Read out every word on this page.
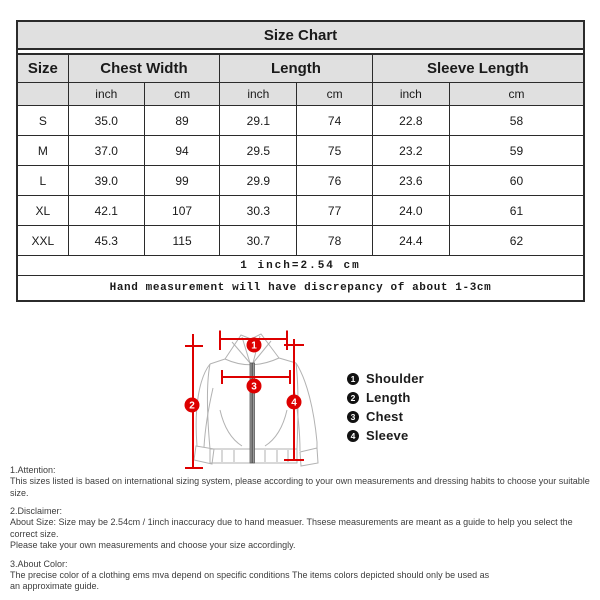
Size Chart						

Size	Chest Width		Length		Sleeve Length	
	inch	cm	inch	cm	inch	cm
S	35.0	89	29.1	74	22.8	58
M	37.0	94	29.5	75	23.2	59
L	39.0	99	29.9	76	23.6	60
XL	42.1	107	30.3	77	24.0	61
XXL	45.3	115	30.7	78	24.4	62
1 inch=2.54 cm						
Hand measurement will have discrepancy of about 1-3cm						
1
2
3
4
1 Shoulder
2 Length
3 Chest
4 Sleeve
1.Attention:
This sizes listed is based on international sizing system, please according to your own measurements and dressing habits to choose your suitable size.
2.Disclaimer:
About Size: Size may be 2.54cm / 1inch inaccuracy due to hand measuer. Thsese measurements are meant as a guide to help you select the correct size.
Please take your own measurements and choose your size accordingly.
3.About Color:
The precise color of a clothing ems mva depend on specific conditions The items colors depicted should only be used as
an approximate guide.
